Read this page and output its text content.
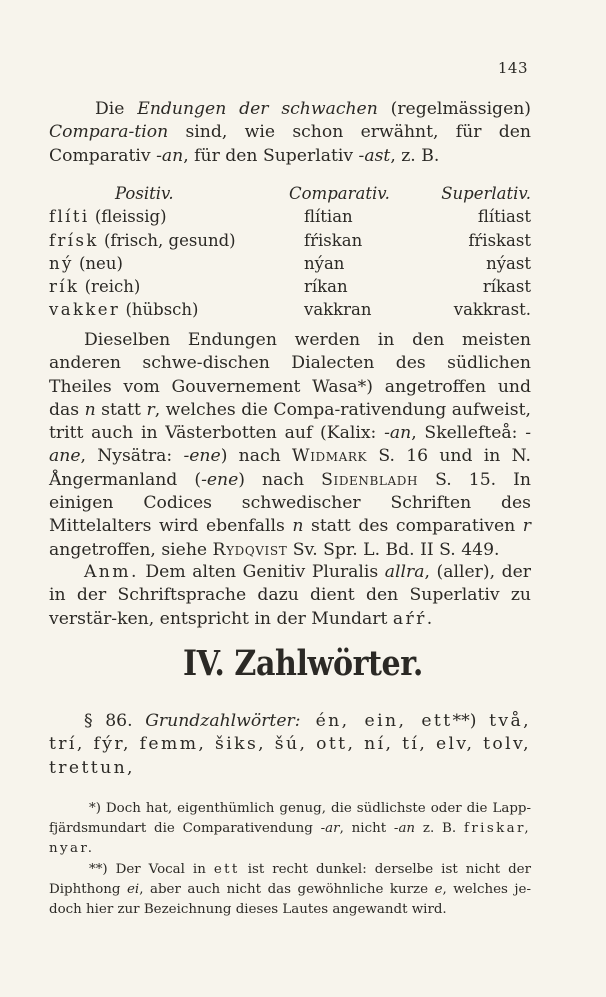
143
Die Endungen der schwachen (regelmässigen) Compara-tion sind, wie schon erwähnt, für den Comparativ -an, für den Superlativ -ast, z. B.
Positiv.	Comparativ.	Superlativ.
flíti (fleissig)	flítian	flítiast
frísk (frisch, gesund)	fŕiskan	fŕiskast
ný (neu)	nýan	nýast
rík (reich)	ríkan	ríkast
vakker (hübsch)	vakkran	vakkrast.
Dieselben Endungen werden in den meisten anderen schwe-dischen Dialecten des südlichen Theiles vom Gouvernement Wasa*) angetroffen und das n statt r, welches die Compa-rativendung aufweist, tritt auch in Västerbotten auf (Kalix: -an, Skellefteå: -ane, Nysätra: -ene) nach Widmark S. 16 und in N. Ångermanland (-ene) nach Sidenbladh S. 15. In einigen Codices schwedischer Schriften des Mittelalters wird ebenfalls n statt des comparativen r angetroffen, siehe Rydqvist Sv. Spr. L. Bd. II S. 449.
Anm. Dem alten Genitiv Pluralis allra, (aller), der in der Schriftsprache dazu dient den Superlativ zu verstär-ken, entspricht in der Mundart aŕŕ.
IV. Zahlwörter.
§ 86. Grundzahlwörter: én, ein, ett**) två, trí, fýr, femm, šiks, šú, ott, ní, tí, elv, tolv, trettun,
*) Doch hat, eigenthümlich genug, die südlichste oder die Lapp-fjärdsmundart die Comparativendung -ar, nicht -an z. B. friskar, nyar.
**) Der Vocal in ett ist recht dunkel: derselbe ist nicht der Diphthong ei, aber auch nicht das gewöhnliche kurze e, welches je-doch hier zur Bezeichnung dieses Lautes angewandt wird.
